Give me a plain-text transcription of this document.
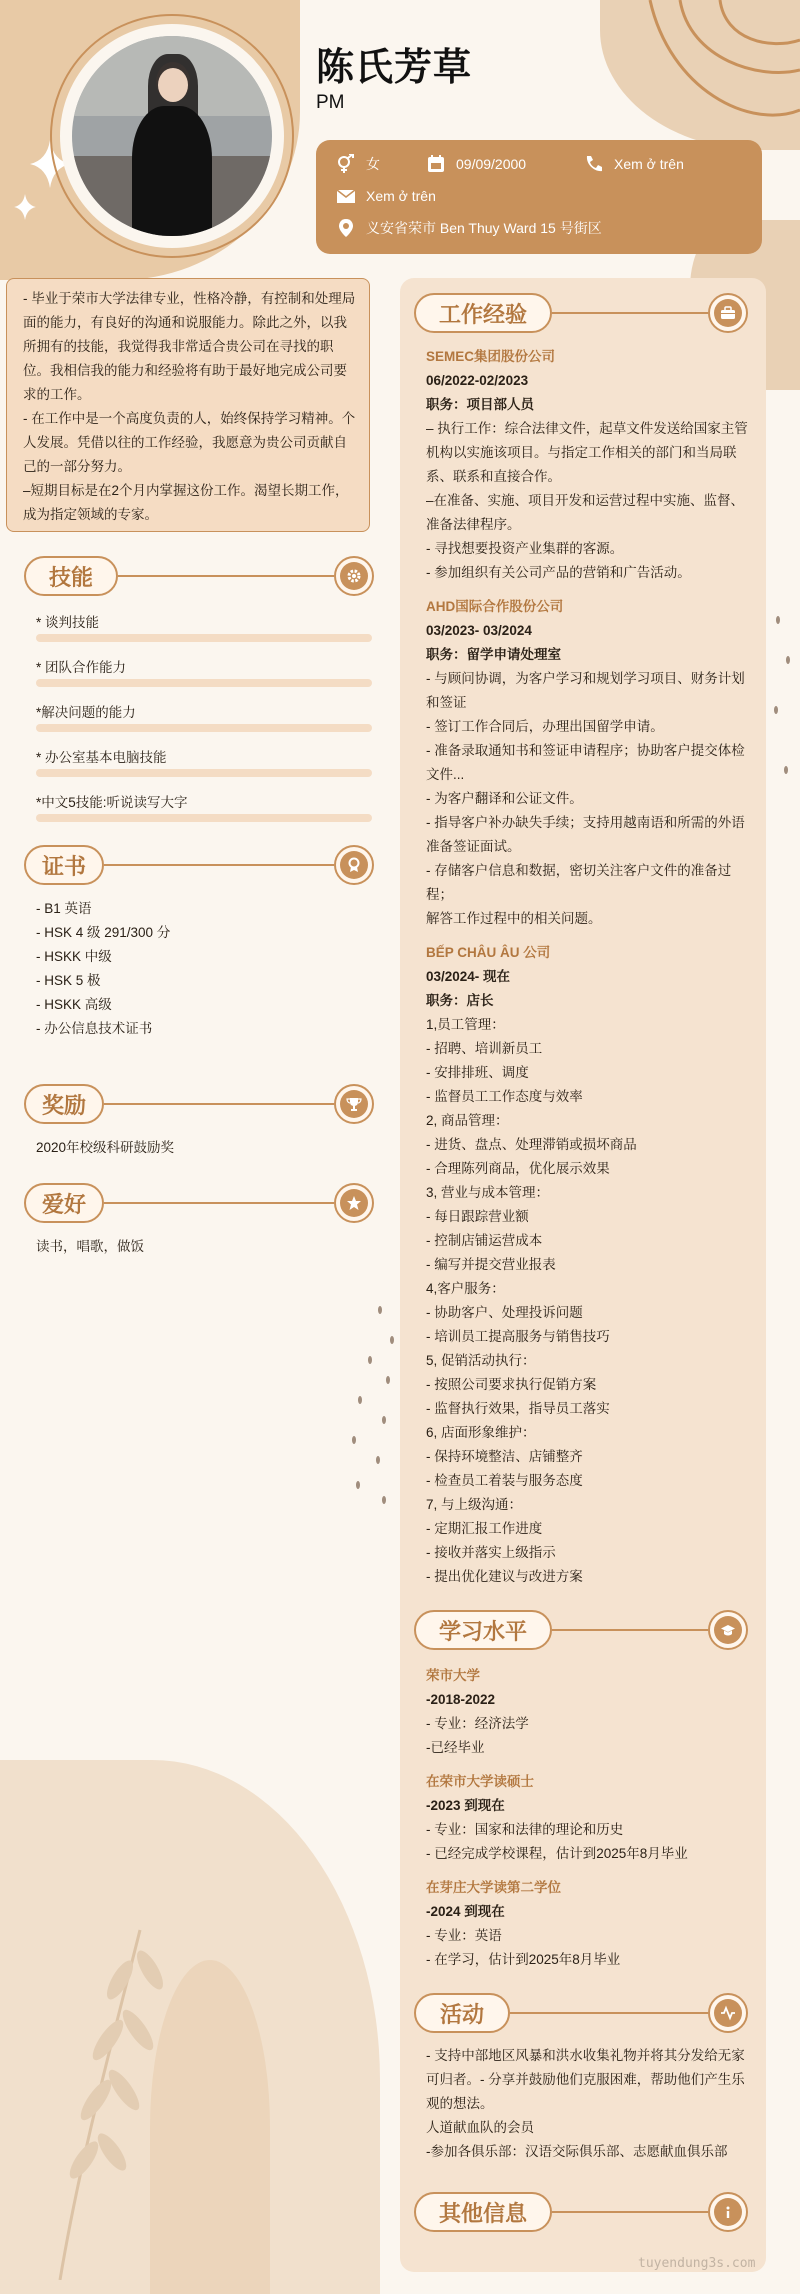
陈氏芳草
PM
女	09/09/2000	Xem ở trên
Xem ở trên
义安省荣市 Ben Thuy Ward 15 号街区

- 毕业于荣市大学法律专业，性格冷静，有控制和处理局面的能力，有良好的沟通和说服能力。除此之外，以我所拥有的技能，我觉得我非常适合贵公司在寻找的职位。我相信我的能力和经验将有助于最好地完成公司要求的工作。

- 在工作中是一个高度负责的人，始终保持学习精神。个人发展。凭借以往的工作经验，我愿意为贵公司贡献自己的一部分努力。

–短期目标是在2个月内掌握这份工作。渴望长期工作，成为指定领域的专家。

技能
* 谈判技能
* 团队合作能力
*解决问题的能力
* 办公室基本电脑技能
*中文5技能:听说读写大字
证书
- B1 英语
- HSK 4 级 291/300 分
- HSKK 中级
- HSK 5 极
- HSKK 高级
- 办公信息技术证书
奖励
2020年校级科研鼓励奖
爱好
读书，唱歌，做饭
工作经验
SEMEC集团股份公司
06/2022-02/2023
职务：项目部人员
– 执行工作：综合法律文件，起草文件发送给国家主管机构以实施该项目。与指定工作相关的部门和当局联系、联系和直接合作。
–在准备、实施、项目开发和运营过程中实施、监督、准备法律程序。
- 寻找想要投资产业集群的客源。
- 参加组织有关公司产品的营销和广告活动。
AHD国际合作股份公司
03/2023- 03/2024
职务：留学申请处理室
- 与顾问协调，为客户学习和规划学习项目、财务计划和签证
- 签订工作合同后，办理出国留学申请。
- 准备录取通知书和签证申请程序；协助客户提交体检文件...
- 为客户翻译和公证文件。
- 指导客户补办缺失手续；支持用越南语和所需的外语准备签证面试。
- 存储客户信息和数据，密切关注客户文件的准备过程；
解答工作过程中的相关问题。
BẾP CHÂU ÂU 公司
03/2024- 现在
职务：店长
1,员工管理：
- 招聘、培训新员工
- 安排排班、调度
- 监督员工工作态度与效率
2, 商品管理：
- 进货、盘点、处理滞销或损坏商品
- 合理陈列商品，优化展示效果
3, 营业与成本管理：
- 每日跟踪营业额
- 控制店铺运营成本
- 编写并提交营业报表
4,客户服务：
- 协助客户、处理投诉问题
- 培训员工提高服务与销售技巧
5, 促销活动执行：
- 按照公司要求执行促销方案
- 监督执行效果，指导员工落实
6, 店面形象维护：
- 保持环境整洁、店铺整齐
- 检查员工着装与服务态度
7, 与上级沟通：
- 定期汇报工作进度
- 接收并落实上级指示
- 提出优化建议与改进方案
学习水平
荣市大学
-2018-2022
- 专业：经济法学
-已经毕业
在荣市大学读硕士
-2023 到现在
- 专业：国家和法律的理论和历史
- 已经完成学校课程，估计到2025年8月毕业
在芽庄大学读第二学位
-2024 到现在
- 专业：英语
- 在学习，估计到2025年8月毕业
活动
- 支持中部地区风暴和洪水收集礼物并将其分发给无家可归者。- 分享并鼓励他们克服困难，帮助他们产生乐观的想法。
人道献血队的会员
-参加各俱乐部：汉语交际俱乐部、志愿献血俱乐部
其他信息
tuyendung3s.com
